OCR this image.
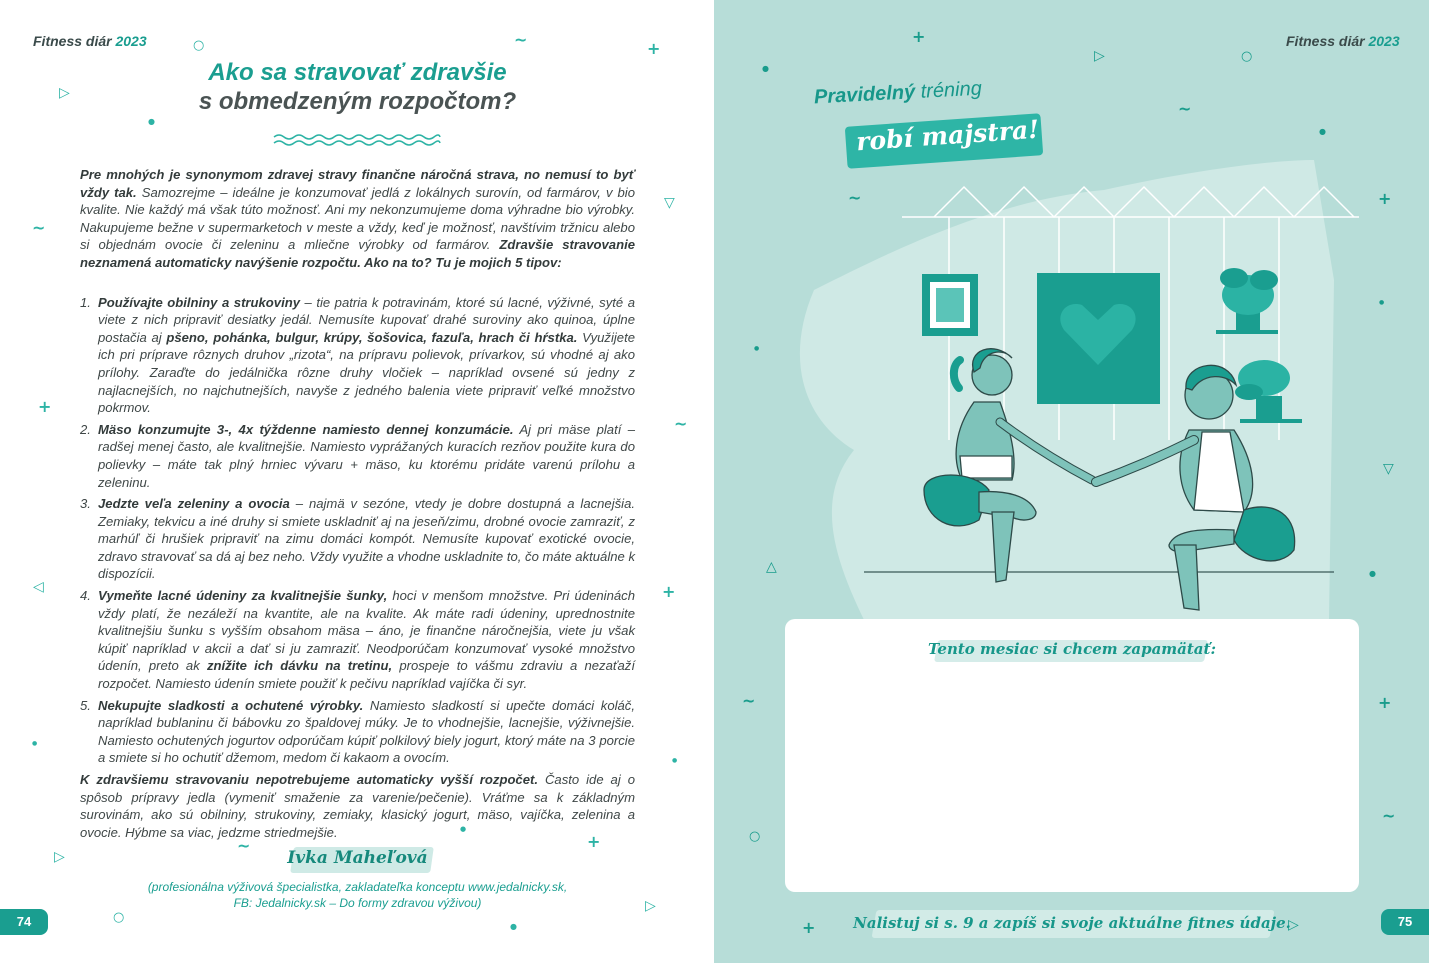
Fitness diár 2023	○	~	+
▷
●
▽
~
+
~
◁	+
●
●
●
~	+
▷
▷
○
●
Ako sa stravovať zdravšie
s obmedzeným rozpočtom?

Pre mnohých je synonymom zdravej stravy finančne náročná strava, no nemusí to byť vždy tak. Samozrejme – ideálne je konzumovať jedlá z lokálnych surovín, od farmárov, v bio kvalite. Nie každý má však túto možnosť. Ani my nekonzumujeme doma výhradne bio výrobky. Nakupujeme bežne v supermarketoch v meste a vždy, keď je možnosť, navštívim tržnicu alebo si objednám ovocie či zeleninu a mliečne výrobky od farmárov. Zdravšie stravovanie neznamená automaticky navýšenie rozpočtu. Ako na to? Tu je mojich 5 tipov:

1. Používajte obilniny a strukoviny – tie patria k potravinám, ktoré sú lacné, výživné, syté a viete z nich pripraviť desiatky jedál. Nemusíte kupovať drahé suroviny ako quinoa, úplne postačia aj pšeno, pohánka, bulgur, krúpy, šošovica, fazuľa, hrach či hŕstka. Využijete ich pri príprave rôznych druhov „rizota“, na prípravu polievok, prívarkov, sú vhodné aj ako prílohy. Zaraďte do jedálnička rôzne druhy vločiek – napríklad ovsené sú jedny z najlacnejších, no najchutnejších, navyše z jedného balenia viete pripraviť veľké množstvo pokrmov.
2. Mäso konzumujte 3-, 4x týždenne namiesto dennej konzumácie. Aj pri mäse platí – radšej menej často, ale kvalitnejšie. Namiesto vyprážaných kuracích rezňov použite kura do polievky – máte tak plný hrniec vývaru + mäso, ku ktorému pridáte varenú prílohu a zeleninu.
3. Jedzte veľa zeleniny a ovocia – najmä v sezóne, vtedy je dobre dostupná a lacnejšia. Zemiaky, tekvicu a iné druhy si smiete uskladniť aj na jeseň/zimu, drobné ovocie zamraziť, z marhúľ či hrušiek pripraviť na zimu domáci kompót. Nemusíte kupovať exotické ovocie, zdravo stravovať sa dá aj bez neho. Vždy využite a vhodne uskladnite to, čo máte aktuálne k dispozícii.
4. Vymeňte lacné údeniny za kvalitnejšie šunky, hoci v menšom množstve. Pri údeninách vždy platí, že nezáleží na kvantite, ale na kvalite. Ak máte radi údeniny, uprednostnite kvalitnejšiu šunku s vyšším obsahom mäsa – áno, je finančne náročnejšia, viete ju však kúpiť napríklad v akcii a dať si ju zamraziť. Neodporúčam konzumovať vysoké množstvo údenín, preto ak znížite ich dávku na tretinu, prospeje to vášmu zdraviu a nezaťaží rozpočet. Namiesto údenín smiete použiť k pečivu napríklad vajíčka či syr.
5. Nekupujte sladkosti a ochutené výrobky. Namiesto sladkostí si upečte domáci koláč, napríklad bublaninu či bábovku zo špaldovej múky. Je to vhodnejšie, lacnejšie, výživnejšie. Namiesto ochutených jogurtov odporúčam kúpiť polkilový biely jogurt, ktorý máte na 3 porcie a smiete si ho ochutiť džemom, medom či kakaom a ovocím.

K zdravšiemu stravovaniu nepotrebujeme automaticky vyšší rozpočet. Často ide aj o spôsob prípravy jedla (vymeniť smaženie za varenie/pečenie). Vráťme sa k základným surovinám, ako sú obilniny, strukoviny, zemiaky, klasický jogurt, mäso, vajíčka, zelenina a ovocie. Hýbme sa viac, jedzme striedmejšie.

Ivka Maheľová
(profesionálna výživová špecialistka, zakladateľka konceptu www.jedalnicky.sk,
FB: Jedalnicky.sk – Do formy zdravou výživou)
74
Fitness diár 2023
+
▷	○
●
~
●
~	+
●
●
▽
△	●
~	+
~
○
+	▷
Pravidelný tréning
robí majstra!
Tento mesiac si chcem zapamätať:
Nalistuj si s. 9 a zapíš si svoje aktuálne fitnes údaje.	75
